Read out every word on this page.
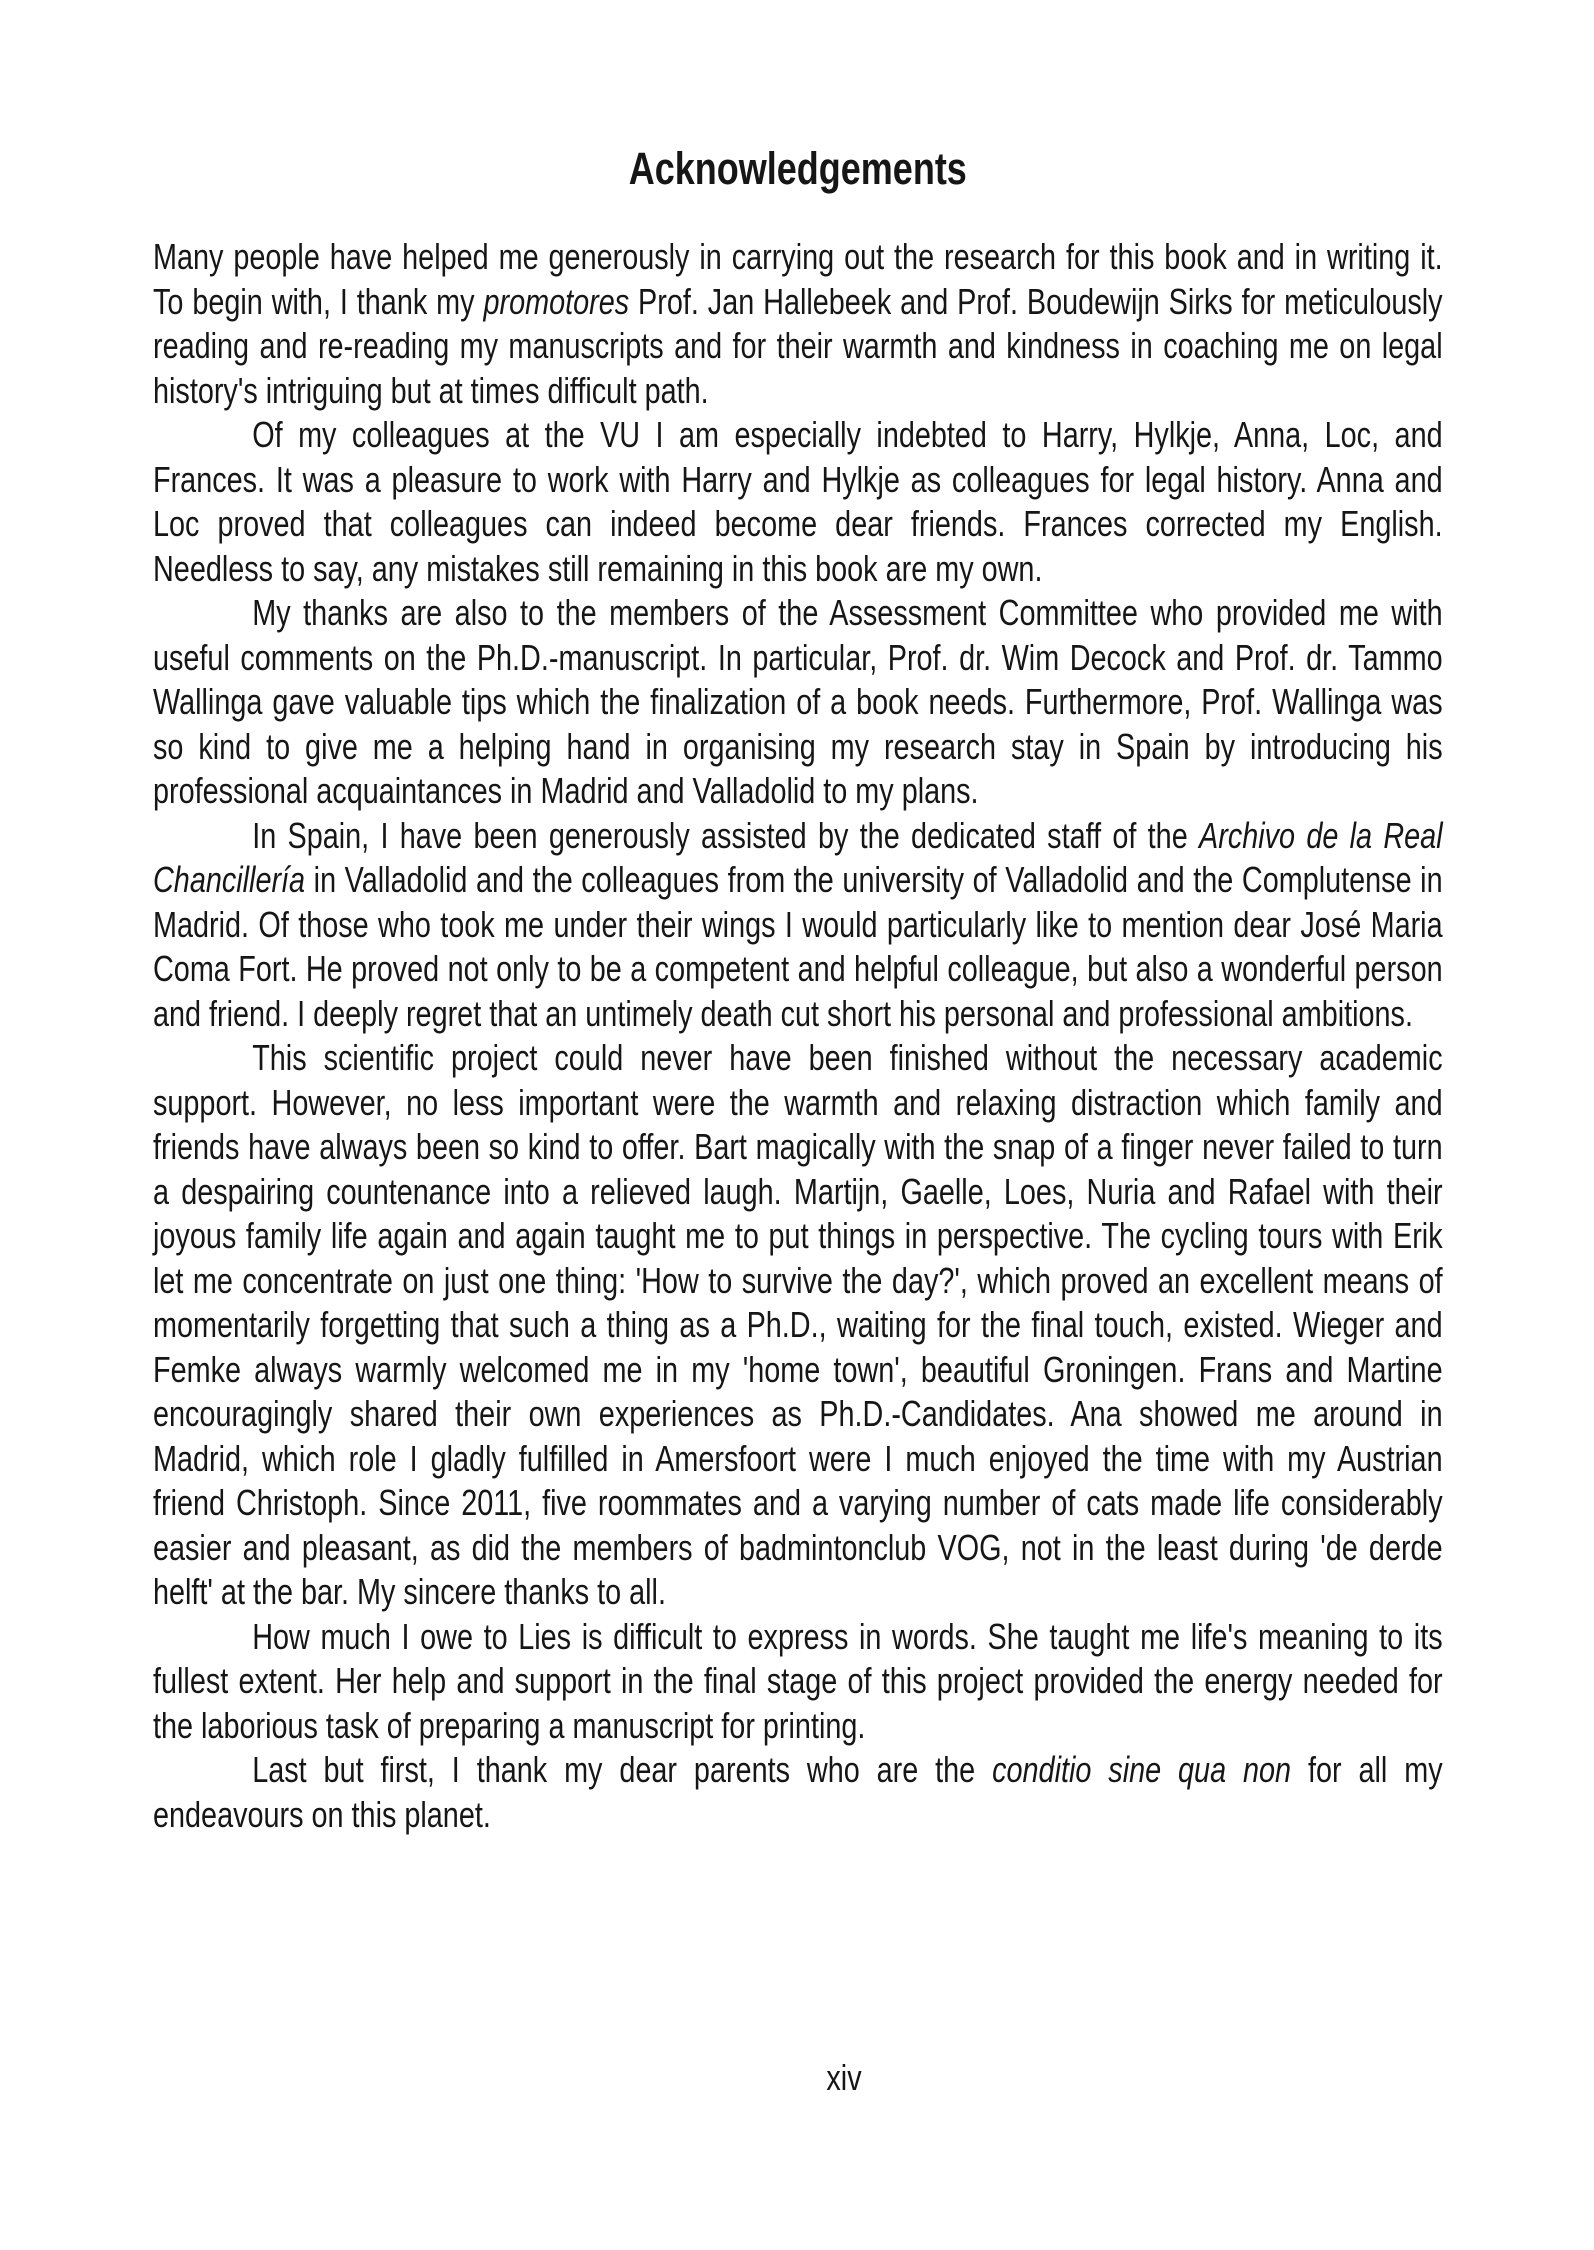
Acknowledgements

Many people have helped me generously in carrying out the research for this book and in writing it. To begin with, I thank my promotores Prof. Jan Hallebeek and Prof. Boudewijn Sirks for meticulously reading and re-reading my manuscripts and for their warmth and kindness in coaching me on legal history's intriguing but at times difficult path.

Of my colleagues at the VU I am especially indebted to Harry, Hylkje, Anna, Loc, and Frances. It was a pleasure to work with Harry and Hylkje as colleagues for legal history. Anna and Loc proved that colleagues can indeed become dear friends. Frances corrected my English. Needless to say, any mistakes still remaining in this book are my own.

My thanks are also to the members of the Assessment Committee who provided me with useful comments on the Ph.D.-manuscript. In particular, Prof. dr. Wim Decock and Prof. dr. Tammo Wallinga gave valuable tips which the finalization of a book needs. Furthermore, Prof. Wallinga was so kind to give me a helping hand in organising my research stay in Spain by introducing his professional acquaintances in Madrid and Valladolid to my plans.

In Spain, I have been generously assisted by the dedicated staff of the Archivo de la Real Chancillería in Valladolid and the colleagues from the university of Valladolid and the Complutense in Madrid. Of those who took me under their wings I would particularly like to mention dear José Maria Coma Fort. He proved not only to be a competent and helpful colleague, but also a wonderful person and friend. I deeply regret that an untimely death cut short his personal and professional ambitions.

This scientific project could never have been finished without the necessary academic support. However, no less important were the warmth and relaxing distraction which family and friends have always been so kind to offer. Bart magically with the snap of a finger never failed to turn a despairing countenance into a relieved laugh. Martijn, Gaelle, Loes, Nuria and Rafael with their joyous family life again and again taught me to put things in perspective. The cycling tours with Erik let me concentrate on just one thing: 'How to survive the day?', which proved an excellent means of momentarily forgetting that such a thing as a Ph.D., waiting for the final touch, existed. Wieger and Femke always warmly welcomed me in my 'home town', beautiful Groningen. Frans and Martine encouragingly shared their own experiences as Ph.D.-Candidates. Ana showed me around in Madrid, which role I gladly fulfilled in Amersfoort were I much enjoyed the time with my Austrian friend Christoph. Since 2011, five roommates and a varying number of cats made life considerably easier and pleasant, as did the members of badmintonclub VOG, not in the least during 'de derde helft' at the bar. My sincere thanks to all.

How much I owe to Lies is difficult to express in words. She taught me life's meaning to its fullest extent. Her help and support in the final stage of this project provided the energy needed for the laborious task of preparing a manuscript for printing.

Last but first, I thank my dear parents who are the conditio sine qua non for all my endeavours on this planet.

xiv
